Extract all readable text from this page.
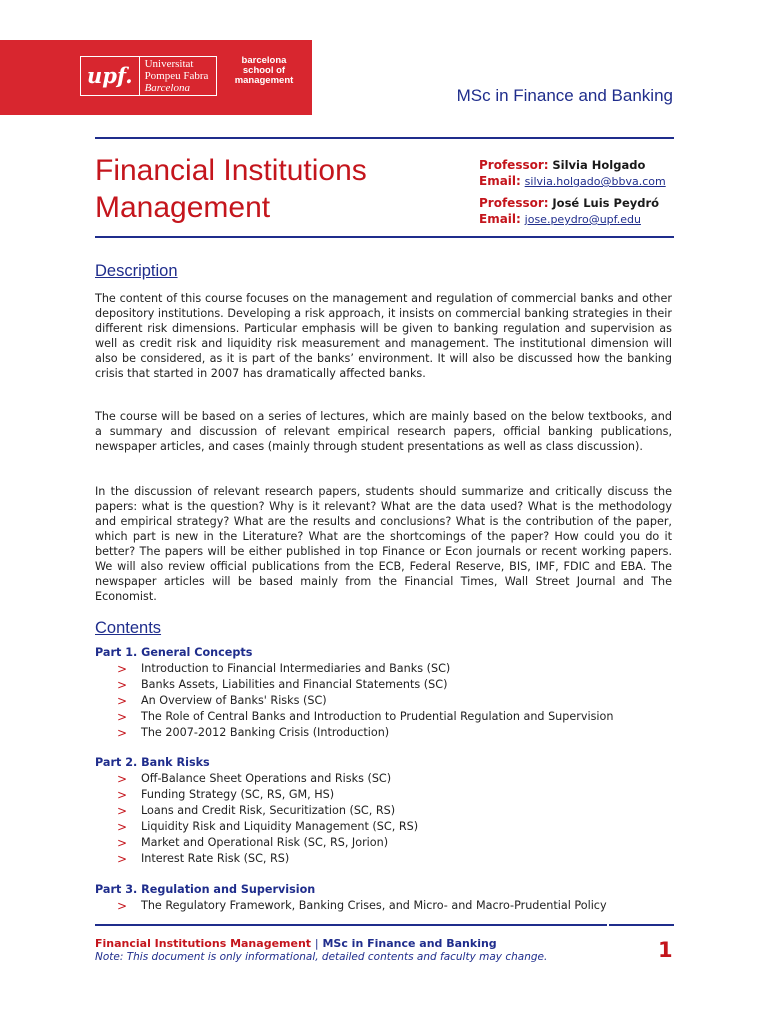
upf.	Universitat
Pompeu Fabra
Barcelona
barcelona
school of
management
MSc in Finance and Banking
Financial Institutions
Management
Professor: Silvia Holgado
Email: silvia.holgado@bbva.com
Professor: José Luis Peydró
Email: jose.peydro@upf.edu
Description
The content of this course focuses on the management and regulation of commercial banks and other depository institutions. Developing a risk approach, it insists on commercial banking strategies in their different risk dimensions. Particular emphasis will be given to banking regulation and supervision as well as credit risk and liquidity risk measurement and management. The institutional dimension will also be considered, as it is part of the banks’ environment. It will also be discussed how the banking crisis that started in 2007 has dramatically affected banks.
The course will be based on a series of lectures, which are mainly based on the below textbooks, and a summary and discussion of relevant empirical research papers, official banking publications, newspaper articles, and cases (mainly through student presentations as well as class discussion).
In the discussion of relevant research papers, students should summarize and critically discuss the papers: what is the question? Why is it relevant? What are the data used? What is the methodology and empirical strategy? What are the results and conclusions? What is the contribution of the paper, which part is new in the Literature? What are the shortcomings of the paper? How could you do it better? The papers will be either published in top Finance or Econ journals or recent working papers. We will also review official publications from the ECB, Federal Reserve, BIS, IMF, FDIC and EBA. The newspaper articles will be based mainly from the Financial Times, Wall Street Journal and The Economist.
Contents
Part 1. General Concepts
> Introduction to Financial Intermediaries and Banks (SC)
> Banks Assets, Liabilities and Financial Statements (SC)
> An Overview of Banks' Risks (SC)
> The Role of Central Banks and Introduction to Prudential Regulation and Supervision
> The 2007-2012 Banking Crisis (Introduction)
Part 2. Bank Risks
> Off-Balance Sheet Operations and Risks (SC)
> Funding Strategy (SC, RS, GM, HS)
> Loans and Credit Risk, Securitization (SC, RS)
> Liquidity Risk and Liquidity Management (SC, RS)
> Market and Operational Risk (SC, RS, Jorion)
> Interest Rate Risk (SC, RS)
Part 3. Regulation and Supervision
> The Regulatory Framework, Banking Crises, and Micro- and Macro-Prudential Policy
Financial Institutions Management | MSc in Finance and Banking
Note: This document is only informational, detailed contents and faculty may change.	1
